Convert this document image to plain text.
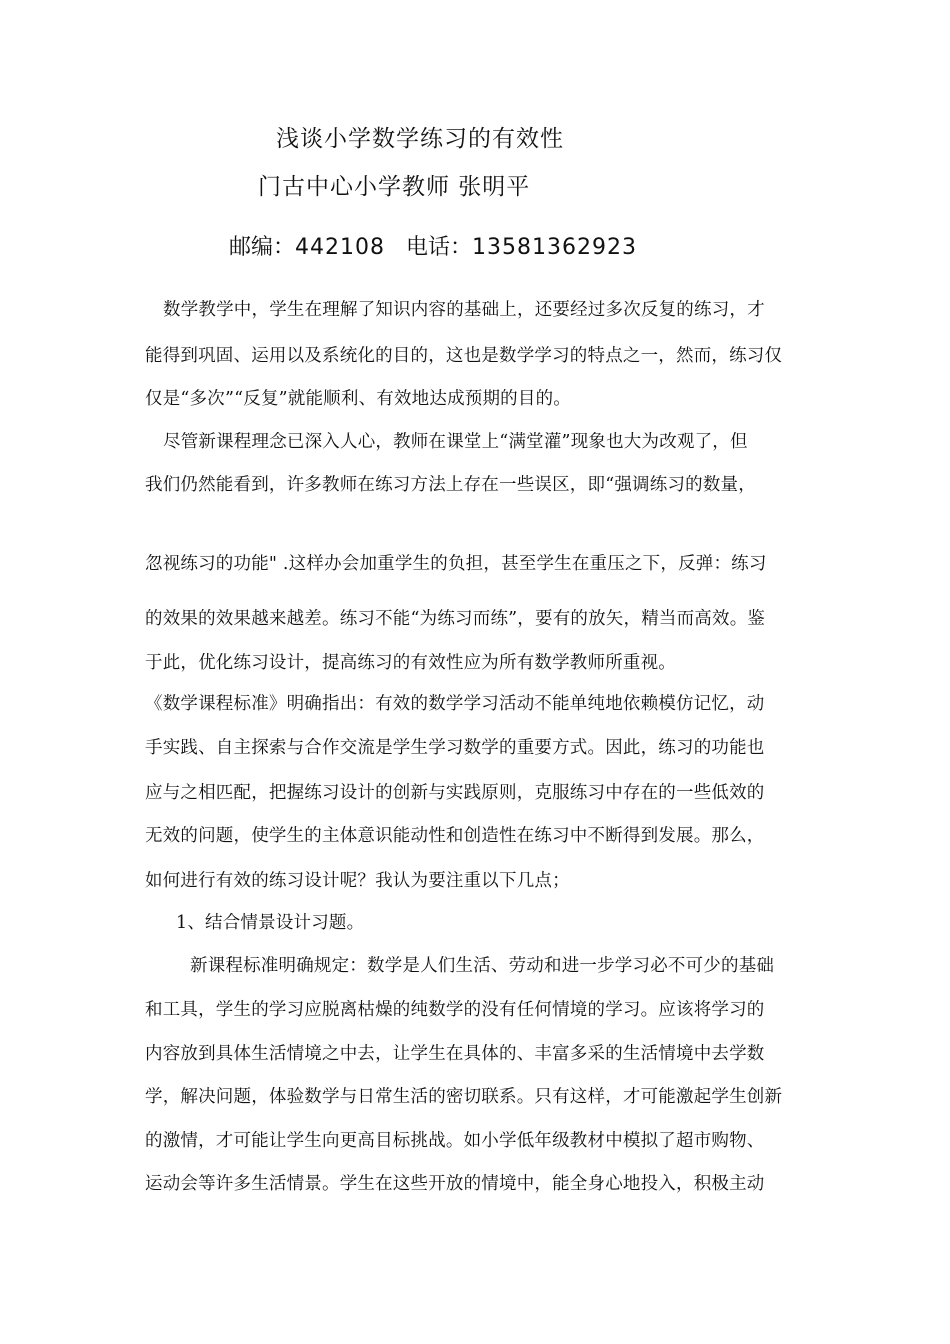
浅谈小学数学练习的有效性
门古中心小学教师 张明平
邮编：442108 电话：13581362923
数学教学中，学生在理解了知识内容的基础上，还要经过多次反复的练习，才
能得到巩固、运用以及系统化的目的，这也是数学学习的特点之一，然而，练习仅
仅是“多次”“反复”就能顺利、有效地达成预期的目的。
尽管新课程理念已深入人心，教师在课堂上“满堂灌”现象也大为改观了，但
我们仍然能看到，许多教师在练习方法上存在一些误区，即“强调练习的数量，
忽视练习的功能" .这样办会加重学生的负担，甚至学生在重压之下，反弹：练习
的效果的效果越来越差。练习不能“为练习而练”，要有的放矢，精当而高效。鉴
于此，优化练习设计，提高练习的有效性应为所有数学教师所重视。
《数学课程标准》明确指出：有效的数学学习活动不能单纯地依赖模仿记忆，动
手实践、自主探索与合作交流是学生学习数学的重要方式。因此，练习的功能也
应与之相匹配，把握练习设计的创新与实践原则，克服练习中存在的一些低效的
无效的问题，使学生的主体意识能动性和创造性在练习中不断得到发展。那么，
如何进行有效的练习设计呢？我认为要注重以下几点；
1、结合情景设计习题。
新课程标准明确规定：数学是人们生活、劳动和进一步学习必不可少的基础
和工具，学生的学习应脱离枯燥的纯数学的没有任何情境的学习。应该将学习的
内容放到具体生活情境之中去，让学生在具体的、丰富多采的生活情境中去学数
学，解决问题，体验数学与日常生活的密切联系。只有这样，才可能激起学生创新
的激情，才可能让学生向更高目标挑战。如小学低年级教材中模拟了超市购物、
运动会等许多生活情景。学生在这些开放的情境中，能全身心地投入，积极主动
